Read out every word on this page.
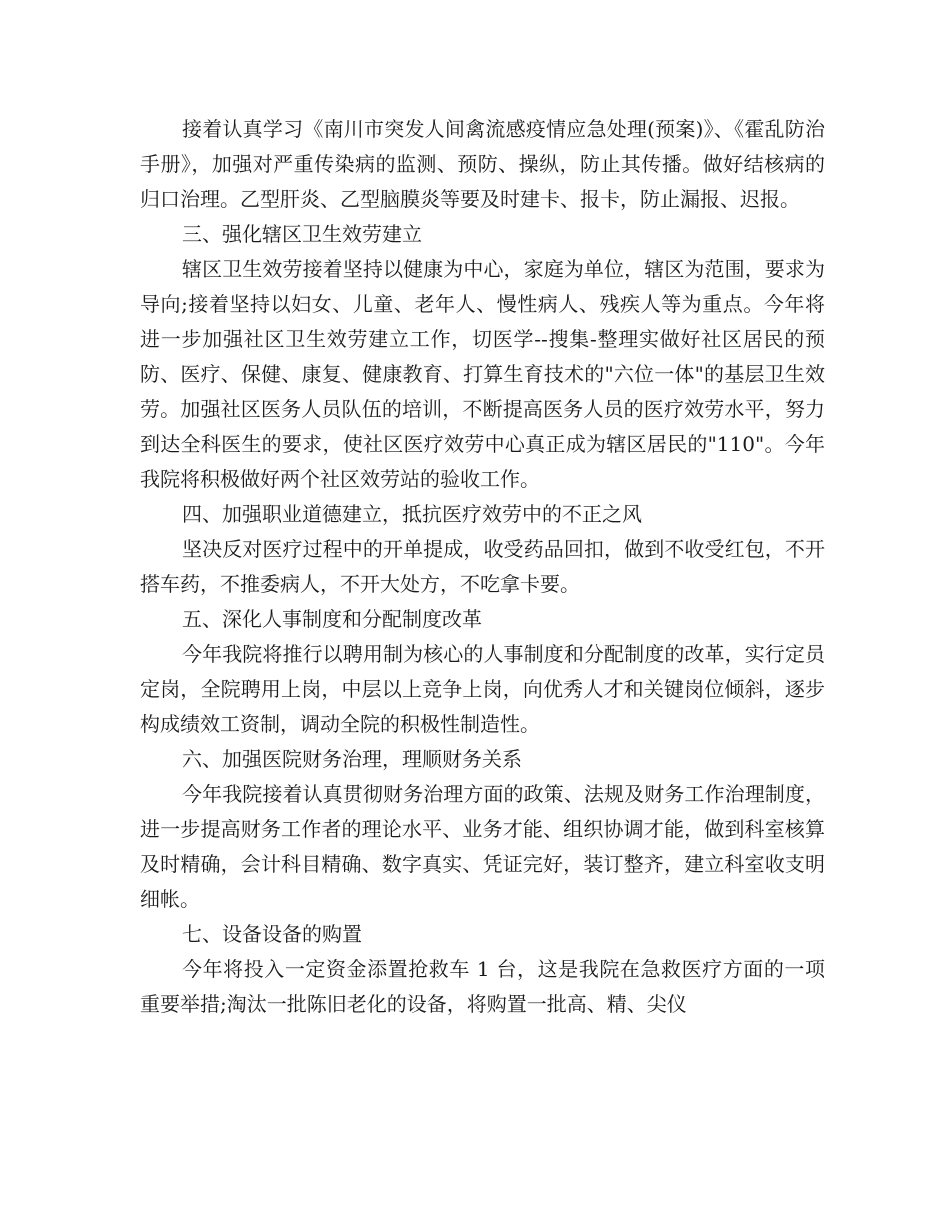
接着认真学习《南川市突发人间禽流感疫情应急处理(预案)》、《霍乱防治手册》，加强对严重传染病的监测、预防、操纵，防止其传播。做好结核病的归口治理。乙型肝炎、乙型脑膜炎等要及时建卡、报卡，防止漏报、迟报。

三、强化辖区卫生效劳建立

辖区卫生效劳接着坚持以健康为中心，家庭为单位，辖区为范围，要求为导向;接着坚持以妇女、儿童、老年人、慢性病人、残疾人等为重点。今年将进一步加强社区卫生效劳建立工作，切医学--搜集-整理实做好社区居民的预防、医疗、保健、康复、健康教育、打算生育技术的"六位一体"的基层卫生效劳。加强社区医务人员队伍的培训，不断提高医务人员的医疗效劳水平，努力到达全科医生的要求，使社区医疗效劳中心真正成为辖区居民的"110"。今年我院将积极做好两个社区效劳站的验收工作。

四、加强职业道德建立，抵抗医疗效劳中的不正之风

坚决反对医疗过程中的开单提成，收受药品回扣，做到不收受红包，不开搭车药，不推委病人，不开大处方，不吃拿卡要。

五、深化人事制度和分配制度改革

今年我院将推行以聘用制为核心的人事制度和分配制度的改革，实行定员定岗，全院聘用上岗，中层以上竞争上岗，向优秀人才和关键岗位倾斜，逐步构成绩效工资制，调动全院的积极性制造性。

六、加强医院财务治理，理顺财务关系

今年我院接着认真贯彻财务治理方面的政策、法规及财务工作治理制度，进一步提高财务工作者的理论水平、业务才能、组织协调才能，做到科室核算及时精确，会计科目精确、数字真实、凭证完好，装订整齐，建立科室收支明细帐。

七、设备设备的购置

今年将投入一定资金添置抢救车 1 台，这是我院在急救医疗方面的一项重要举措;淘汰一批陈旧老化的设备，将购置一批高、精、尖仪
